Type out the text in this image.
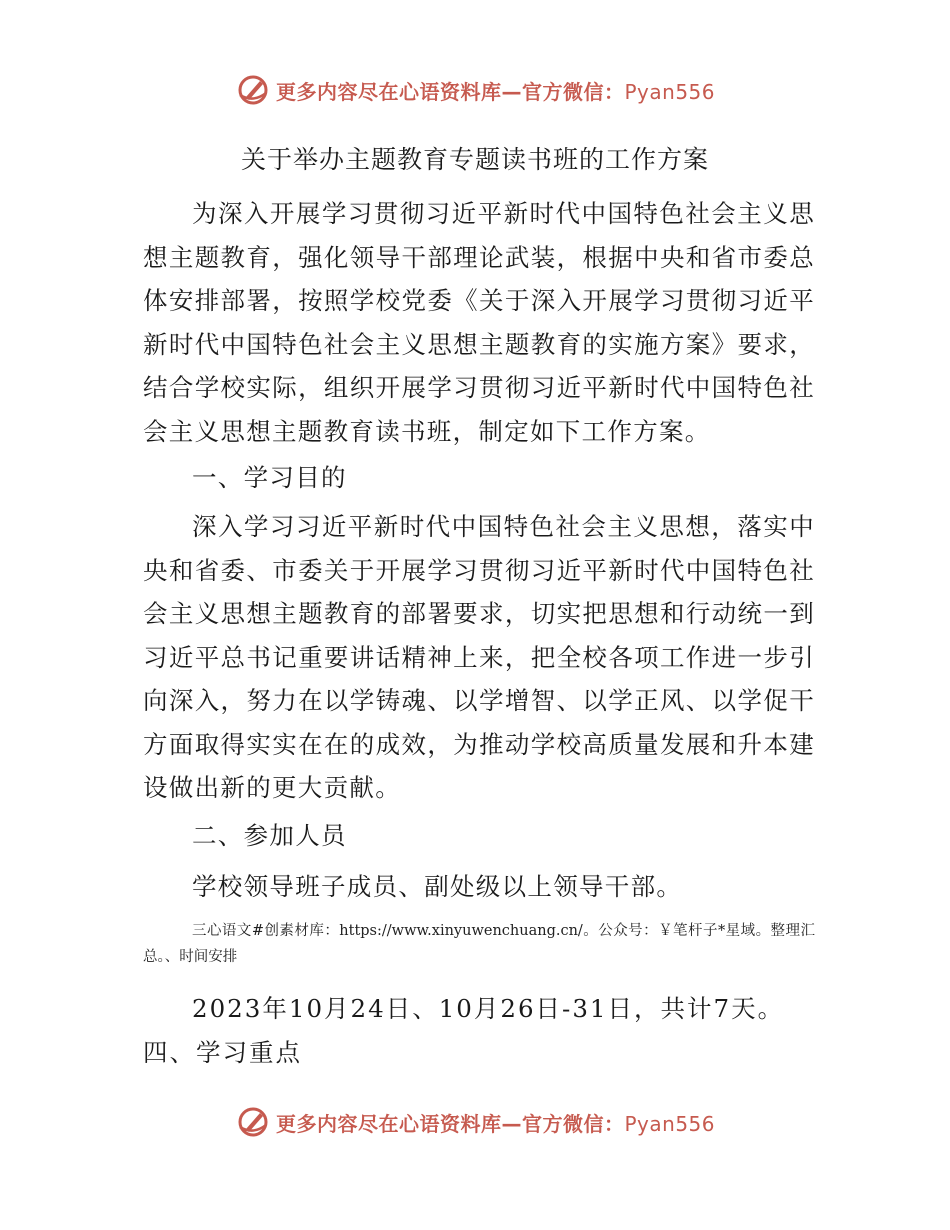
更多内容尽在心语资料库—官方微信：Pyan556
关于举办主题教育专题读书班的工作方案

为深入开展学习贯彻习近平新时代中国特色社会主义思想主题教育，强化领导干部理论武装，根据中央和省市委总体安排部署，按照学校党委《关于深入开展学习贯彻习近平新时代中国特色社会主义思想主题教育的实施方案》要求，结合学校实际，组织开展学习贯彻习近平新时代中国特色社会主义思想主题教育读书班，制定如下工作方案。

一、学习目的

深入学习习近平新时代中国特色社会主义思想，落实中央和省委、市委关于开展学习贯彻习近平新时代中国特色社会主义思想主题教育的部署要求，切实把思想和行动统一到习近平总书记重要讲话精神上来，把全校各项工作进一步引向深入，努力在以学铸魂、以学增智、以学正风、以学促干方面取得实实在在的成效，为推动学校高质量发展和升本建设做出新的更大贡献。

二、参加人员

学校领导班子成员、副处级以上领导干部。

三心语文#创素材库：https://www.xinyuwenchuang.cn/。公众号：￥笔杆子*星域。整理汇总。、时间安排

2023年10月24日、10月26日-31日，共计7天。四、学习重点

更多内容尽在心语资料库—官方微信：Pyan556
